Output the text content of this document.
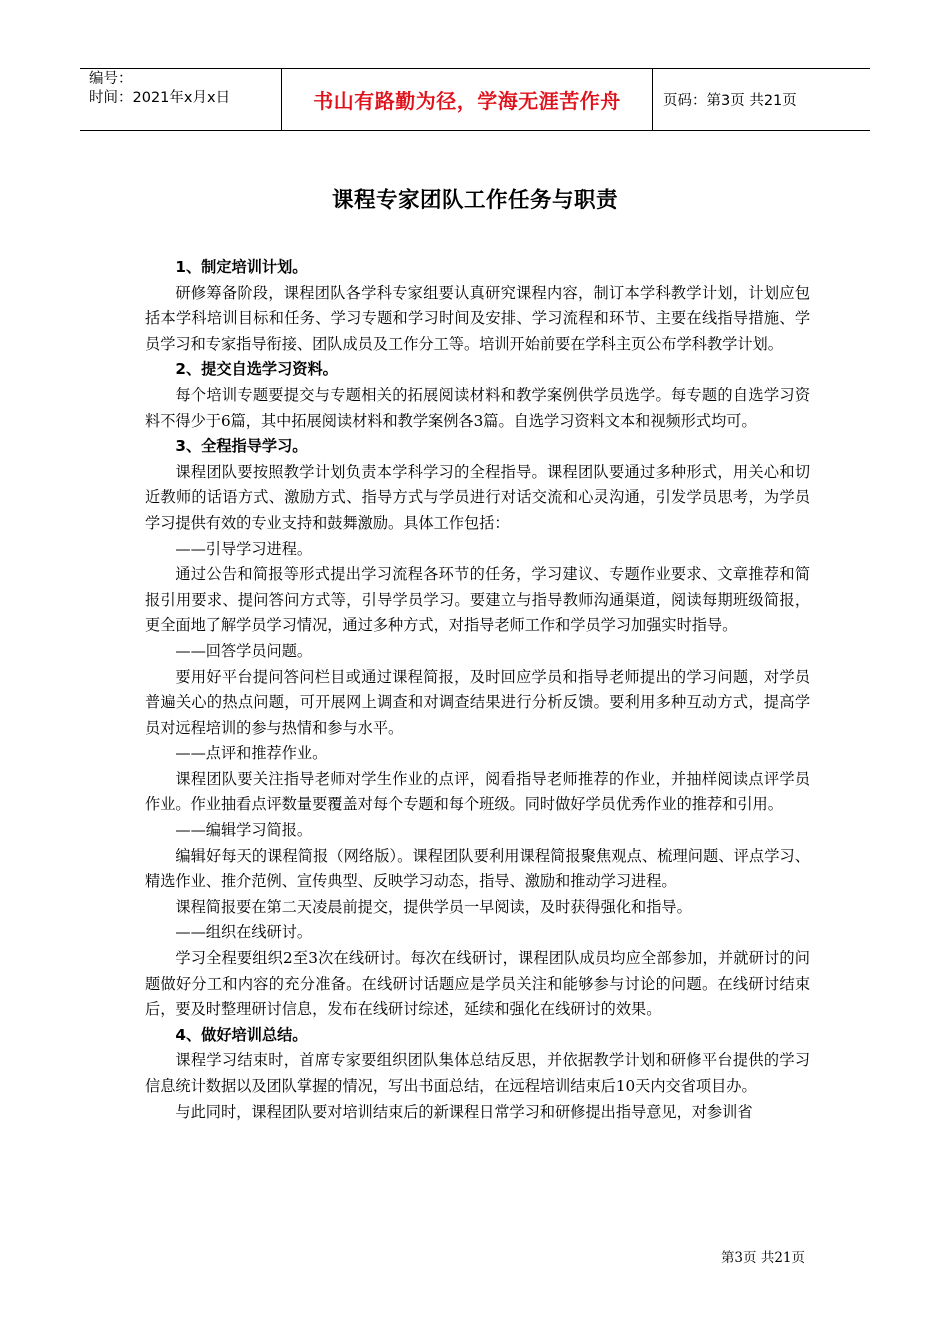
编号：
时间：2021年x月x日	书山有路勤为径，学海无涯苦作舟	页码：第3页 共21页
课程专家团队工作任务与职责

1、制定培训计划。

研修筹备阶段，课程团队各学科专家组要认真研究课程内容，制订本学科教学计划，计划应包括本学科培训目标和任务、学习专题和学习时间及安排、学习流程和环节、主要在线指导措施、学员学习和专家指导衔接、团队成员及工作分工等。培训开始前要在学科主页公布学科教学计划。

2、提交自选学习资料。

每个培训专题要提交与专题相关的拓展阅读材料和教学案例供学员选学。每专题的自选学习资料不得少于6篇，其中拓展阅读材料和教学案例各3篇。自选学习资料文本和视频形式均可。

3、全程指导学习。

课程团队要按照教学计划负责本学科学习的全程指导。课程团队要通过多种形式，用关心和切近教师的话语方式、激励方式、指导方式与学员进行对话交流和心灵沟通，引发学员思考，为学员学习提供有效的专业支持和鼓舞激励。具体工作包括：

——引导学习进程。

通过公告和简报等形式提出学习流程各环节的任务，学习建议、专题作业要求、文章推荐和简报引用要求、提问答问方式等，引导学员学习。要建立与指导教师沟通渠道，阅读每期班级简报，更全面地了解学员学习情况，通过多种方式，对指导老师工作和学员学习加强实时指导。

——回答学员问题。

要用好平台提问答问栏目或通过课程简报，及时回应学员和指导老师提出的学习问题，对学员普遍关心的热点问题，可开展网上调查和对调查结果进行分析反馈。要利用多种互动方式，提高学员对远程培训的参与热情和参与水平。

——点评和推荐作业。

课程团队要关注指导老师对学生作业的点评，阅看指导老师推荐的作业，并抽样阅读点评学员作业。作业抽看点评数量要覆盖对每个专题和每个班级。同时做好学员优秀作业的推荐和引用。

——编辑学习简报。

编辑好每天的课程简报（网络版）。课程团队要利用课程简报聚焦观点、梳理问题、评点学习、精选作业、推介范例、宣传典型、反映学习动态，指导、激励和推动学习进程。

课程简报要在第二天凌晨前提交，提供学员一早阅读，及时获得强化和指导。

——组织在线研讨。

学习全程要组织2至3次在线研讨。每次在线研讨，课程团队成员均应全部参加，并就研讨的问题做好分工和内容的充分准备。在线研讨话题应是学员关注和能够参与讨论的问题。在线研讨结束后，要及时整理研讨信息，发布在线研讨综述，延续和强化在线研讨的效果。

4、做好培训总结。

课程学习结束时，首席专家要组织团队集体总结反思，并依据教学计划和研修平台提供的学习信息统计数据以及团队掌握的情况，写出书面总结，在远程培训结束后10天内交省项目办。

与此同时，课程团队要对培训结束后的新课程日常学习和研修提出指导意见，对参训省

第3页 共21页
